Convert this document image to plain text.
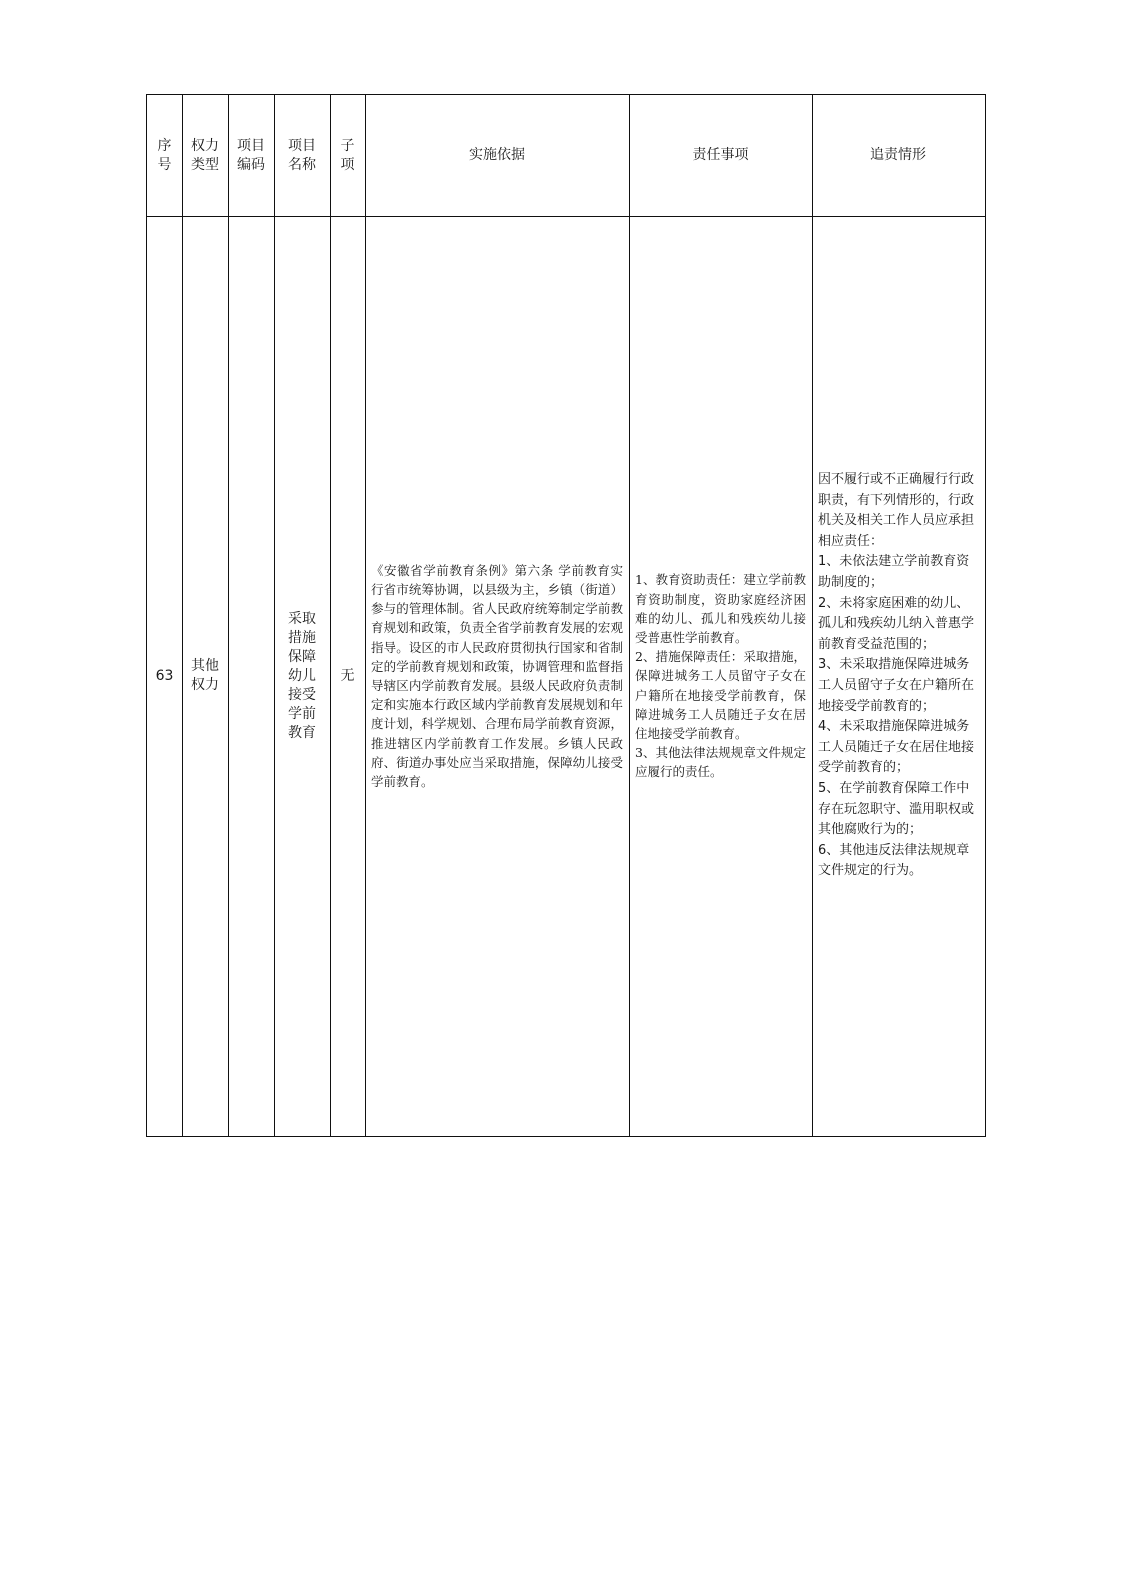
序
号
权力
类型
项目
编码
项目
名称
子
项
实施依据	责任事项	追责情形
63
其他
权力
采取
措施
保障
幼儿
接受
学前
教育
无
《安徽省学前教育条例》第六条 学前教育实行省市统筹协调，以县级为主，乡镇（街道）参与的管理体制。省人民政府统筹制定学前教育规划和政策，负责全省学前教育发展的宏观指导。设区的市人民政府贯彻执行国家和省制定的学前教育规划和政策，协调管理和监督指导辖区内学前教育发展。县级人民政府负责制定和实施本行政区域内学前教育发展规划和年度计划，科学规划、合理布局学前教育资源，推进辖区内学前教育工作发展。乡镇人民政府、街道办事处应当采取措施，保障幼儿接受学前教育。
1、教育资助责任：建立学前教育资助制度，资助家庭经济困难的幼儿、孤儿和残疾幼儿接受普惠性学前教育。
2、措施保障责任：采取措施，保障进城务工人员留守子女在户籍所在地接受学前教育，保障进城务工人员随迁子女在居住地接受学前教育。
3、其他法律法规规章文件规定应履行的责任。
因不履行或不正确履行行政职责，有下列情形的，行政机关及相关工作人员应承担相应责任：
1、未依法建立学前教育资助制度的；
2、未将家庭困难的幼儿、孤儿和残疾幼儿纳入普惠学前教育受益范围的；
3、未采取措施保障进城务工人员留守子女在户籍所在地接受学前教育的；
4、未采取措施保障进城务工人员随迁子女在居住地接受学前教育的；
5、在学前教育保障工作中存在玩忽职守、滥用职权或其他腐败行为的；
6、其他违反法律法规规章文件规定的行为。
